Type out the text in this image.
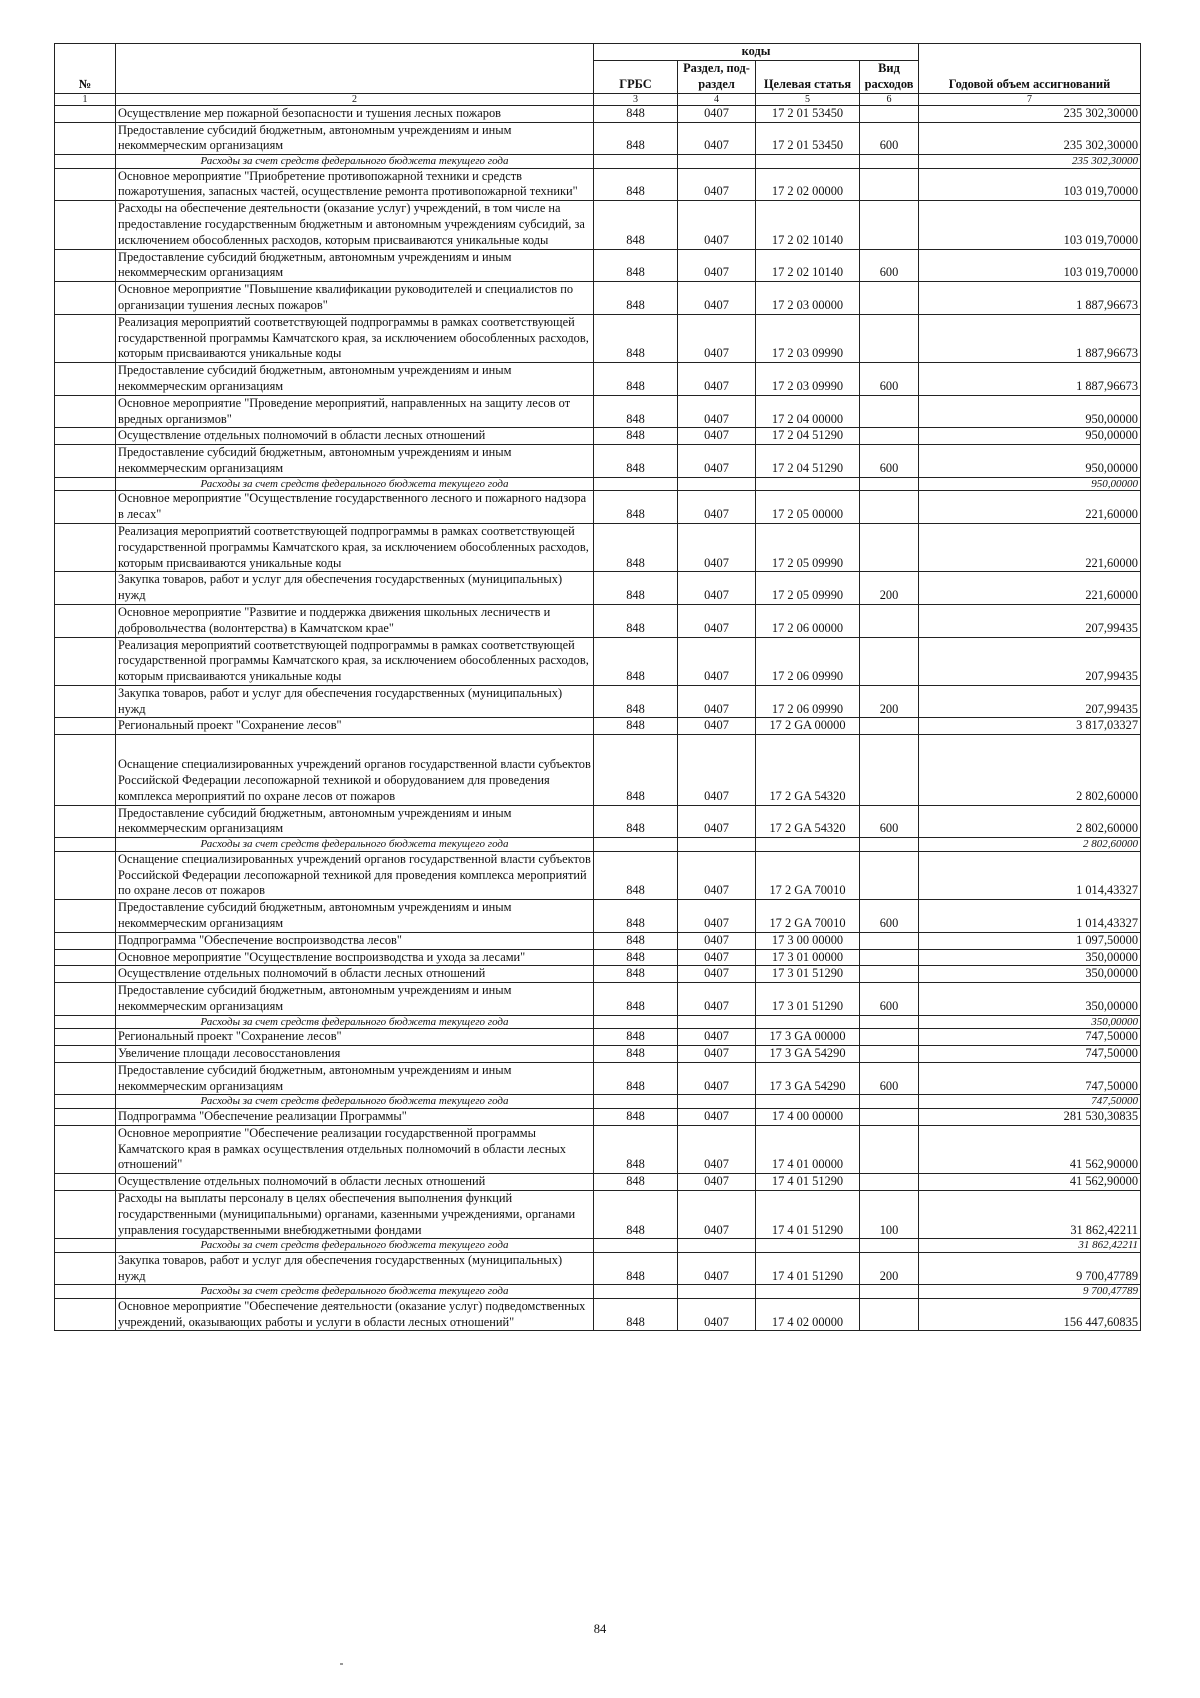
№		коды				Годовой объем ассигнований
		ГРБС	Раздел, под-раздел	Целевая статья	Вид расходов	
1	2	3	4	5	6	7
	Осуществление мер пожарной безопасности и тушения лесных пожаров	848	0407	17 2 01 53450		235 302,30000
	Предоставление субсидий бюджетным, автономным учреждениям и иным некоммерческим организациям	848	0407	17 2 01 53450	600	235 302,30000
	Расходы за счет средств федерального бюджета текущего года					235 302,30000
	Основное мероприятие "Приобретение противопожарной техники и средств пожаротушения, запасных частей, осуществление ремонта противопожарной техники"	848	0407	17 2 02 00000		103 019,70000
	Расходы на обеспечение деятельности (оказание услуг) учреждений, в том числе на предоставление государственным бюджетным и автономным учреждениям субсидий, за исключением обособленных расходов, которым присваиваются уникальные коды	848	0407	17 2 02 10140		103 019,70000
	Предоставление субсидий бюджетным, автономным учреждениям и иным некоммерческим организациям	848	0407	17 2 02 10140	600	103 019,70000
	Основное мероприятие "Повышение квалификации руководителей и специалистов по организации тушения лесных пожаров"	848	0407	17 2 03 00000		1 887,96673
	Реализация мероприятий соответствующей подпрограммы в рамках соответствующей государственной программы Камчатского края, за исключением обособленных расходов, которым присваиваются уникальные коды	848	0407	17 2 03 09990		1 887,96673
	Предоставление субсидий бюджетным, автономным учреждениям и иным некоммерческим организациям	848	0407	17 2 03 09990	600	1 887,96673
	Основное мероприятие "Проведение мероприятий, направленных на защиту лесов от вредных организмов"	848	0407	17 2 04 00000		950,00000
	Осуществление отдельных полномочий в области лесных отношений	848	0407	17 2 04 51290		950,00000
	Предоставление субсидий бюджетным, автономным учреждениям и иным некоммерческим организациям	848	0407	17 2 04 51290	600	950,00000
	Расходы за счет средств федерального бюджета текущего года					950,00000
	Основное мероприятие "Осуществление государственного лесного и пожарного надзора в лесах"	848	0407	17 2 05 00000		221,60000
	Реализация мероприятий соответствующей подпрограммы в рамках соответствующей государственной программы Камчатского края, за исключением обособленных расходов, которым присваиваются уникальные коды	848	0407	17 2 05 09990		221,60000
	Закупка товаров, работ и услуг для обеспечения государственных (муниципальных) нужд	848	0407	17 2 05 09990	200	221,60000
	Основное мероприятие "Развитие и поддержка движения школьных лесничеств и добровольчества (волонтерства) в Камчатском крае"	848	0407	17 2 06 00000		207,99435
	Реализация мероприятий соответствующей подпрограммы в рамках соответствующей государственной программы Камчатского края, за исключением обособленных расходов, которым присваиваются уникальные коды	848	0407	17 2 06 09990		207,99435
	Закупка товаров, работ и услуг для обеспечения государственных (муниципальных) нужд	848	0407	17 2 06 09990	200	207,99435
	Региональный проект "Сохранение лесов"	848	0407	17 2 GA 00000		3 817,03327
	Оснащение специализированных учреждений органов государственной власти субъектов Российской Федерации лесопожарной техникой и оборудованием для проведения комплекса мероприятий по охране лесов от пожаров	848	0407	17 2 GA 54320		2 802,60000
	Предоставление субсидий бюджетным, автономным учреждениям и иным некоммерческим организациям	848	0407	17 2 GA 54320	600	2 802,60000
	Расходы за счет средств федерального бюджета текущего года					2 802,60000
	Оснащение специализированных учреждений органов государственной власти субъектов Российской Федерации лесопожарной техникой для проведения комплекса мероприятий по охране лесов от пожаров	848	0407	17 2 GA 70010		1 014,43327
	Предоставление субсидий бюджетным, автономным учреждениям и иным некоммерческим организациям	848	0407	17 2 GA 70010	600	1 014,43327
	Подпрограмма "Обеспечение воспроизводства лесов"	848	0407	17 3 00 00000		1 097,50000
	Основное мероприятие "Осуществление воспроизводства и ухода за лесами"	848	0407	17 3 01 00000		350,00000
	Осуществление отдельных полномочий в области лесных отношений	848	0407	17 3 01 51290		350,00000
	Предоставление субсидий бюджетным, автономным учреждениям и иным некоммерческим организациям	848	0407	17 3 01 51290	600	350,00000
	Расходы за счет средств федерального бюджета текущего года					350,00000
	Региональный проект "Сохранение лесов"	848	0407	17 3 GA 00000		747,50000
	Увеличение площади лесовосстановления	848	0407	17 3 GA 54290		747,50000
	Предоставление субсидий бюджетным, автономным учреждениям и иным некоммерческим организациям	848	0407	17 3 GA 54290	600	747,50000
	Расходы за счет средств федерального бюджета текущего года					747,50000
	Подпрограмма "Обеспечение реализации Программы"	848	0407	17 4 00 00000		281 530,30835
	Основное мероприятие "Обеспечение реализации государственной программы Камчатского края в рамках осуществления отдельных полномочий в области лесных отношений"	848	0407	17 4 01 00000		41 562,90000
	Осуществление отдельных полномочий в области лесных отношений	848	0407	17 4 01 51290		41 562,90000
	Расходы на выплаты персоналу в целях обеспечения выполнения функций государственными (муниципальными) органами, казенными учреждениями, органами управления государственными внебюджетными фондами	848	0407	17 4 01 51290	100	31 862,42211
	Расходы за счет средств федерального бюджета текущего года					31 862,42211
	Закупка товаров, работ и услуг для обеспечения государственных (муниципальных) нужд	848	0407	17 4 01 51290	200	9 700,47789
	Расходы за счет средств федерального бюджета текущего года					9 700,47789
	Основное мероприятие "Обеспечение деятельности (оказание услуг) подведомственных учреждений, оказывающих работы и услуги в области лесных отношений"	848	0407	17 4 02 00000		156 447,60835
84
